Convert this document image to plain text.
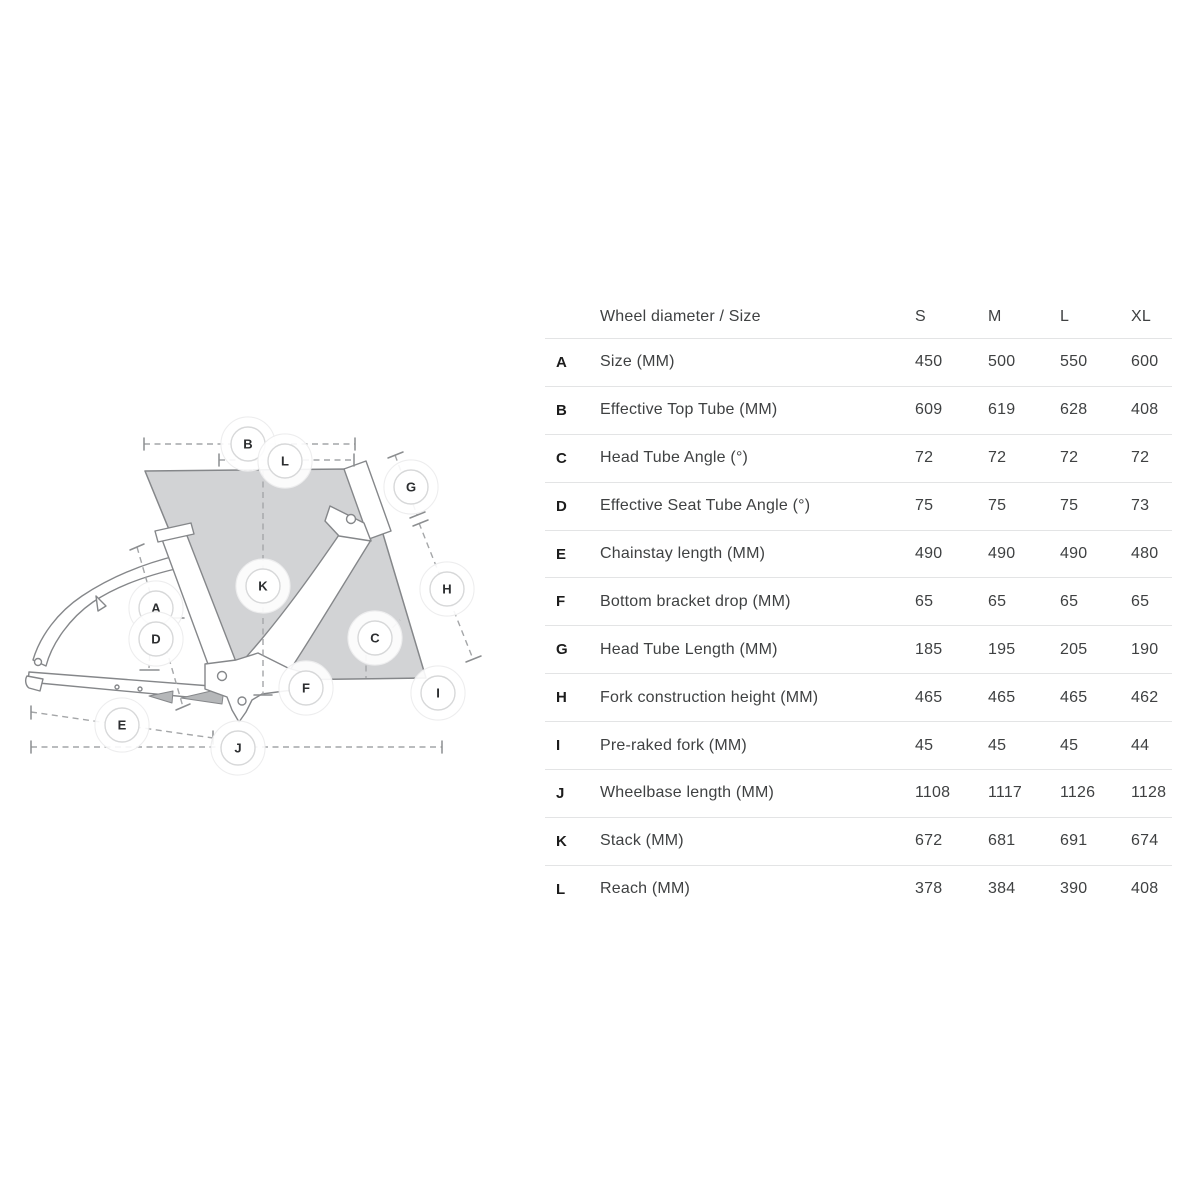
B
L
G
K
A
D
H
C
F	I
E
J
Wheel diameter / Size	S	M	L	XL
A	Size (MM)	450	500	550	600
B	Effective Top Tube (MM)	609	619	628	408
C	Head Tube Angle (°)	72	72	72	72
D	Effective Seat Tube Angle (°)	75	75	75	73
E	Chainstay length (MM)	490	490	490	480
F	Bottom bracket drop (MM)	65	65	65	65
G	Head Tube Length (MM)	185	195	205	190
H	Fork construction height (MM)	465	465	465	462
I	Pre-raked fork (MM)	45	45	45	44
J	Wheelbase length (MM)	1108	1117	1126	1128
K	Stack (MM)	672	681	691	674
L	Reach (MM)	378	384	390	408
